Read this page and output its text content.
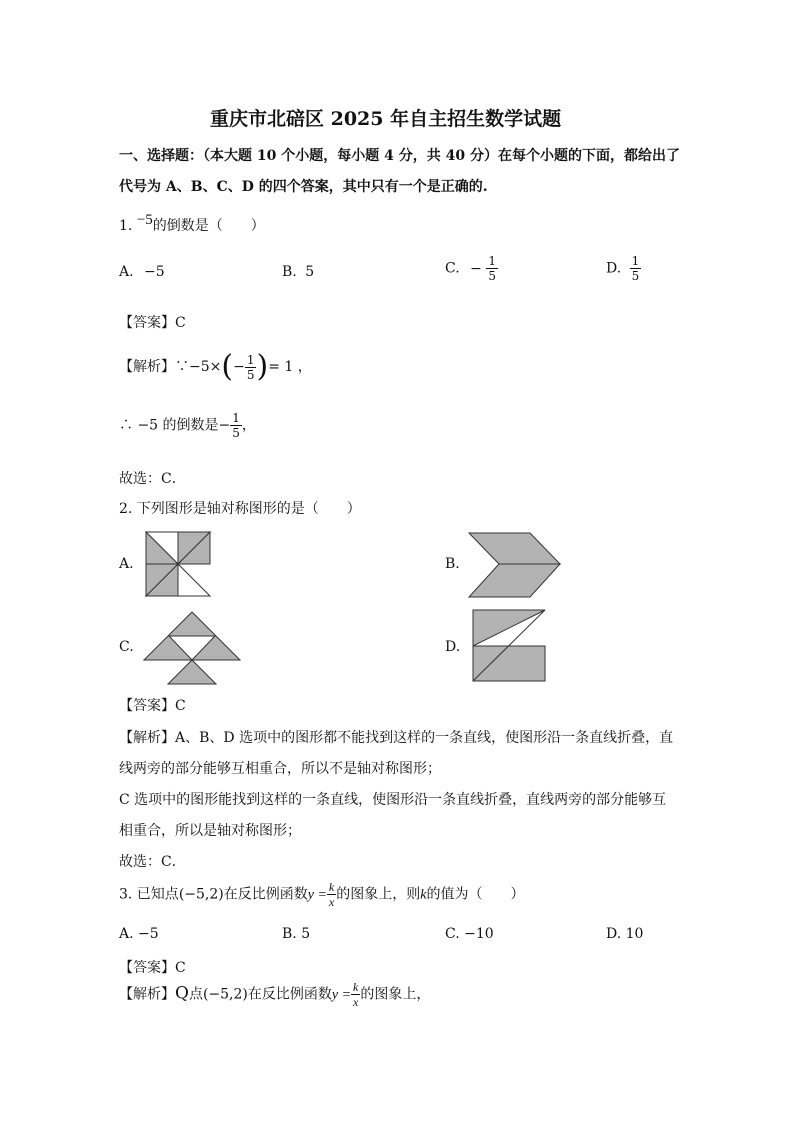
重庆市北碚区 2025 年自主招生数学试题
一、选择题：（本大题 10 个小题，每小题 4 分，共 40 分）在每个小题的下面，都给出了
代号为 A、B、C、D 的四个答案，其中只有一个是正确的.
1. −5的倒数是（　　）
A. −5	B. 5	C. − $\frac{1}{5}$	D. $\frac{1}{5}$
【答案】C
【解析】∵−5×(− $\frac{1}{5}$ )= 1 ，
∴ −5 的倒数是− $\frac{1}{5}$ ，
故选：C．
2. 下列图形是轴对称图形的是（　　）
A.	B.
C.	D.
【答案】C
【解析】A、B、D 选项中的图形都不能找到这样的一条直线，使图形沿一条直线折叠，直
线两旁的部分能够互相重合，所以不是轴对称图形；
C 选项中的图形能找到这样的一条直线，使图形沿一条直线折叠，直线两旁的部分能够互
相重合，所以是轴对称图形；
故选：C．
3. 已知点(−5,2)在反比例函数$y = \frac{k}{x}$ 的图象上，则k的值为（　　）
A. −5	B. 5	C. −10	D. 10
【答案】C
【解析】Q点(−5,2)在反比例函数$y = \frac{k}{x}$ 的图象上，
